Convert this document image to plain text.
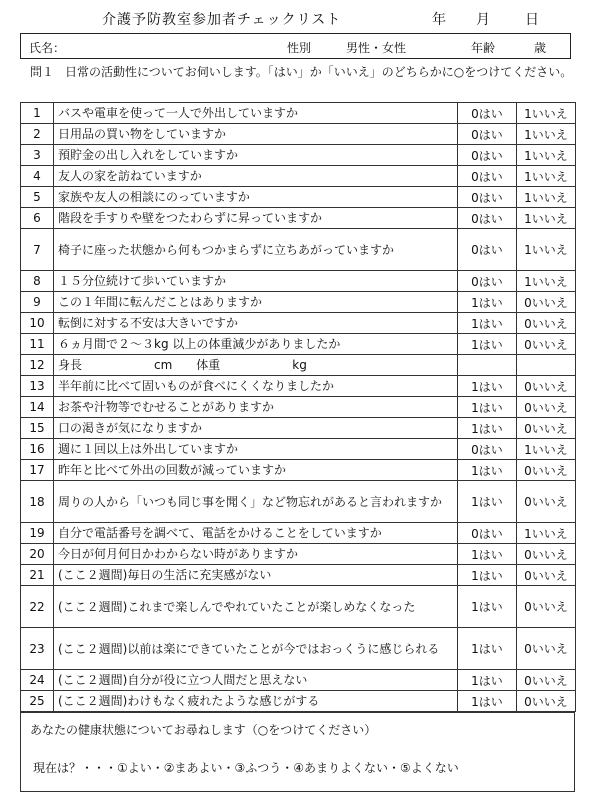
介護予防教室参加者チェックリスト	年 月	日
氏名：	性別	男性・女性	年齢	歳
問１ 日常の活動性についてお伺いします。「はい」か「いいえ」のどちらかに○をつけてください。
1	バスや電車を使って一人で外出していますか	0はい	1いいえ
2	日用品の買い物をしていますか	0はい	1いいえ
3	預貯金の出し入れをしていますか	0はい	1いいえ
4	友人の家を訪ねていますか	0はい	1いいえ
5	家族や友人の相談にのっていますか	0はい	1いいえ
6	階段を手すりや壁をつたわらずに昇っていますか	0はい	1いいえ
7	椅子に座った状態から何もつかまらずに立ちあがっていますか	0はい	1いいえ
8	１５分位続けて歩いていますか	0はい	1いいえ
9	この１年間に転んだことはありますか	1はい	0いいえ
10	転倒に対する不安は大きいですか	1はい	0いいえ
11	６ヵ月間で２～３kg 以上の体重減少がありましたか	1はい	0いいえ
12	身長　　　　　　cm　　体重　　　　　　kg		
13	半年前に比べて固いものが食べにくくなりましたか	1はい	0いいえ
14	お茶や汁物等でむせることがありますか	1はい	0いいえ
15	口の渇きが気になりますか	1はい	0いいえ
16	週に１回以上は外出していますか	0はい	1いいえ
17	昨年と比べて外出の回数が減っていますか	1はい	0いいえ
18	周りの人から「いつも同じ事を聞く」など物忘れがあると言われますか	1はい	0いいえ
19	自分で電話番号を調べて、電話をかけることをしていますか	0はい	1いいえ
20	今日が何月何日かわからない時がありますか	1はい	0いいえ
21	(ここ２週間)毎日の生活に充実感がない	1はい	0いいえ
22	(ここ２週間)これまで楽しんでやれていたことが楽しめなくなった	1はい	0いいえ
23	(ここ２週間)以前は楽にできていたことが今ではおっくうに感じられる	1はい	0いいえ
24	(ここ２週間)自分が役に立つ人間だと思えない	1はい	0いいえ
25	(ここ２週間)わけもなく疲れたような感じがする	1はい	0いいえ
あなたの健康状態についてお尋ねします（○をつけてください）
現在は？・・・①よい・②まあよい・③ふつう・④あまりよくない・⑤よくない
